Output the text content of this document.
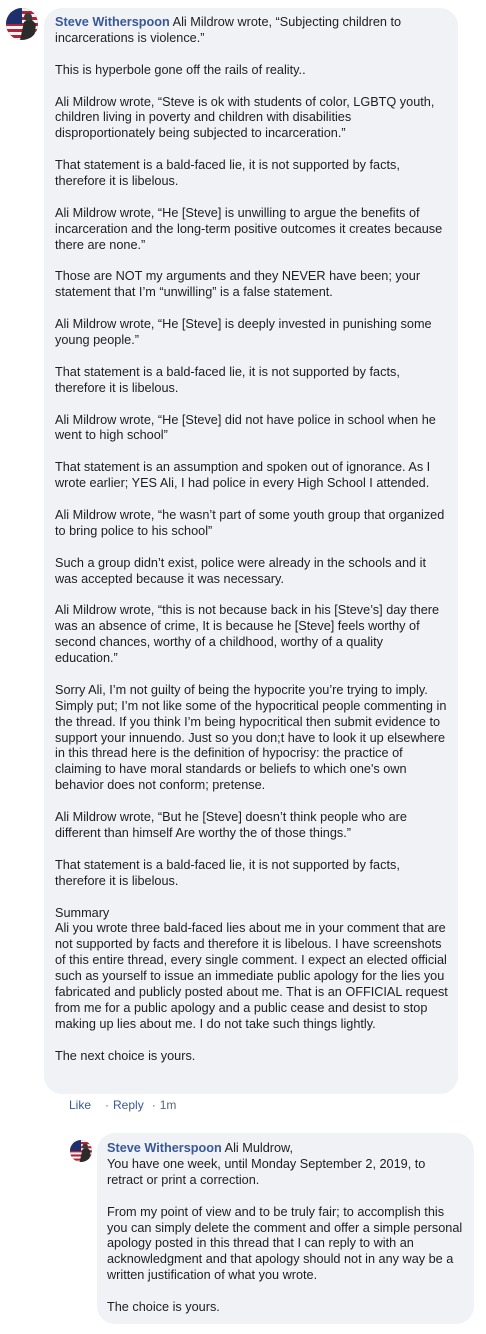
Steve Witherspoon Ali Mildrow wrote, “Subjecting children to incarcerations is violence.”

This is hyperbole gone off the rails of reality..

Ali Mildrow wrote, “Steve is ok with students of color, LGBTQ youth, children living in poverty and children with disabilities disproportionately being subjected to incarceration.”

That statement is a bald-faced lie, it is not supported by facts, therefore it is libelous.

Ali Mildrow wrote, “He [Steve] is unwilling to argue the benefits of incarceration and the long-term positive outcomes it creates because there are none.”

Those are NOT my arguments and they NEVER have been; your statement that I’m “unwilling” is a false statement.

Ali Mildrow wrote, “He [Steve] is deeply invested in punishing some young people.”

That statement is a bald-faced lie, it is not supported by facts, therefore it is libelous.

Ali Mildrow wrote, “He [Steve] did not have police in school when he went to high school”

That statement is an assumption and spoken out of ignorance. As I wrote earlier; YES Ali, I had police in every High School I attended.

Ali Mildrow wrote, “he wasn’t part of some youth group that organized to bring police to his school”

Such a group didn’t exist, police were already in the schools and it was accepted because it was necessary.

Ali Mildrow wrote, “this is not because back in his [Steve’s] day there was an absence of crime, It is because he [Steve] feels worthy of second chances, worthy of a childhood, worthy of a quality education.”

Sorry Ali, I’m not guilty of being the hypocrite you’re trying to imply. Simply put; I’m not like some of the hypocritical people commenting in the thread. If you think I’m being hypocritical then submit evidence to support your innuendo. Just so you don;t have to look it up elsewhere in this thread here is the definition of hypocrisy: the practice of claiming to have moral standards or beliefs to which one's own behavior does not conform; pretense.

Ali Mildrow wrote, “But he [Steve] doesn’t think people who are different than himself Are worthy the of those things.”

That statement is a bald-faced lie, it is not supported by facts, therefore it is libelous.

Summary
Ali you wrote three bald-faced lies about me in your comment that are not supported by facts and therefore it is libelous. I have screenshots of this entire thread, every single comment. I expect an elected official such as yourself to issue an immediate public apology for the lies you fabricated and publicly posted about me. That is an OFFICIAL request from me for a public apology and a public cease and desist to stop making up lies about me. I do not take such things lightly.

The next choice is yours.

Like · Reply · 1m

Steve Witherspoon Ali Muldrow,
You have one week, until Monday September 2, 2019, to retract or print a correction.

From my point of view and to be truly fair; to accomplish this you can simply delete the comment and offer a simple personal apology posted in this thread that I can reply to with an acknowledgment and that apology should not in any way be a written justification of what you wrote.

The choice is yours.
